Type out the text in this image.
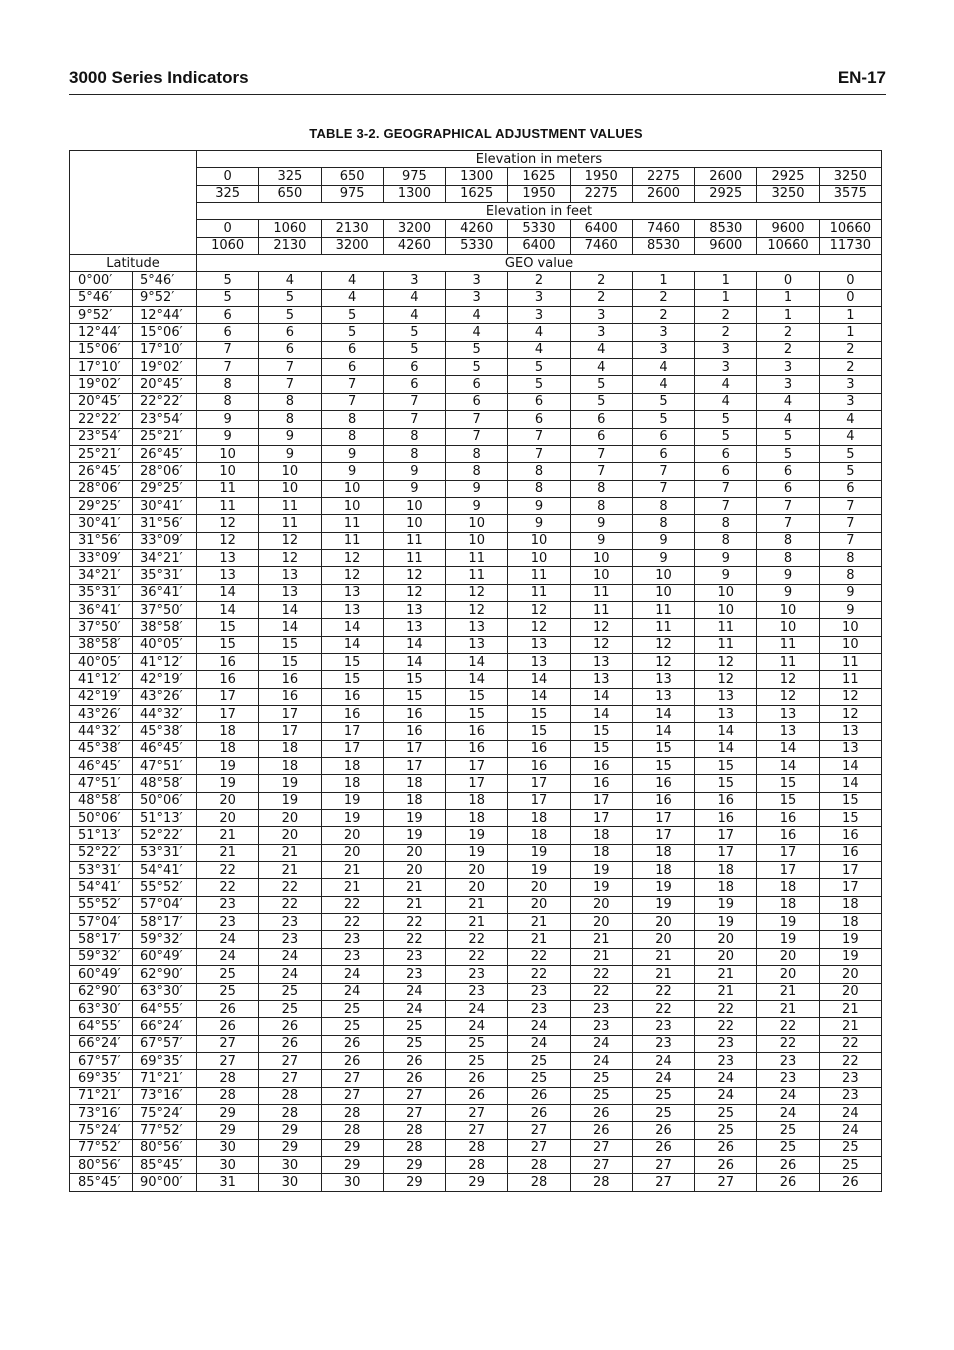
3000 Series Indicators	EN-17
TABLE 3-2. GEOGRAPHICAL ADJUSTMENT VALUES
		Elevation in meters										
		0	325	650	975	1300	1625	1950	2275	2600	2925	3250
		325	650	975	1300	1625	1950	2275	2600	2925	3250	3575
		Elevation in feet										
		0	1060	2130	3200	4260	5330	6400	7460	8530	9600	10660
		1060	2130	3200	4260	5330	6400	7460	8530	9600	10660	11730
Latitude		GEO value										
0°00′	5°46′	5	4	4	3	3	2	2	1	1	0	0
5°46′	9°52′	5	5	4	4	3	3	2	2	1	1	0
9°52′	12°44′	6	5	5	4	4	3	3	2	2	1	1
12°44′	15°06′	6	6	5	5	4	4	3	3	2	2	1
15°06′	17°10′	7	6	6	5	5	4	4	3	3	2	2
17°10′	19°02′	7	7	6	6	5	5	4	4	3	3	2
19°02′	20°45′	8	7	7	6	6	5	5	4	4	3	3
20°45′	22°22′	8	8	7	7	6	6	5	5	4	4	3
22°22′	23°54′	9	8	8	7	7	6	6	5	5	4	4
23°54′	25°21′	9	9	8	8	7	7	6	6	5	5	4
25°21′	26°45′	10	9	9	8	8	7	7	6	6	5	5
26°45′	28°06′	10	10	9	9	8	8	7	7	6	6	5
28°06′	29°25′	11	10	10	9	9	8	8	7	7	6	6
29°25′	30°41′	11	11	10	10	9	9	8	8	7	7	7
30°41′	31°56′	12	11	11	10	10	9	9	8	8	7	7
31°56′	33°09′	12	12	11	11	10	10	9	9	8	8	7
33°09′	34°21′	13	12	12	11	11	10	10	9	9	8	8
34°21′	35°31′	13	13	12	12	11	11	10	10	9	9	8
35°31′	36°41′	14	13	13	12	12	11	11	10	10	9	9
36°41′	37°50′	14	14	13	13	12	12	11	11	10	10	9
37°50′	38°58′	15	14	14	13	13	12	12	11	11	10	10
38°58′	40°05′	15	15	14	14	13	13	12	12	11	11	10
40°05′	41°12′	16	15	15	14	14	13	13	12	12	11	11
41°12′	42°19′	16	16	15	15	14	14	13	13	12	12	11
42°19′	43°26′	17	16	16	15	15	14	14	13	13	12	12
43°26′	44°32′	17	17	16	16	15	15	14	14	13	13	12
44°32′	45°38′	18	17	17	16	16	15	15	14	14	13	13
45°38′	46°45′	18	18	17	17	16	16	15	15	14	14	13
46°45′	47°51′	19	18	18	17	17	16	16	15	15	14	14
47°51′	48°58′	19	19	18	18	17	17	16	16	15	15	14
48°58′	50°06′	20	19	19	18	18	17	17	16	16	15	15
50°06′	51°13′	20	20	19	19	18	18	17	17	16	16	15
51°13′	52°22′	21	20	20	19	19	18	18	17	17	16	16
52°22′	53°31′	21	21	20	20	19	19	18	18	17	17	16
53°31′	54°41′	22	21	21	20	20	19	19	18	18	17	17
54°41′	55°52′	22	22	21	21	20	20	19	19	18	18	17
55°52′	57°04′	23	22	22	21	21	20	20	19	19	18	18
57°04′	58°17′	23	23	22	22	21	21	20	20	19	19	18
58°17′	59°32′	24	23	23	22	22	21	21	20	20	19	19
59°32′	60°49′	24	24	23	23	22	22	21	21	20	20	19
60°49′	62°90′	25	24	24	23	23	22	22	21	21	20	20
62°90′	63°30′	25	25	24	24	23	23	22	22	21	21	20
63°30′	64°55′	26	25	25	24	24	23	23	22	22	21	21
64°55′	66°24′	26	26	25	25	24	24	23	23	22	22	21
66°24′	67°57′	27	26	26	25	25	24	24	23	23	22	22
67°57′	69°35′	27	27	26	26	25	25	24	24	23	23	22
69°35′	71°21′	28	27	27	26	26	25	25	24	24	23	23
71°21′	73°16′	28	28	27	27	26	26	25	25	24	24	23
73°16′	75°24′	29	28	28	27	27	26	26	25	25	24	24
75°24′	77°52′	29	29	28	28	27	27	26	26	25	25	24
77°52′	80°56′	30	29	29	28	28	27	27	26	26	25	25
80°56′	85°45′	30	30	29	29	28	28	27	27	26	26	25
85°45′	90°00′	31	30	30	29	29	28	28	27	27	26	26
